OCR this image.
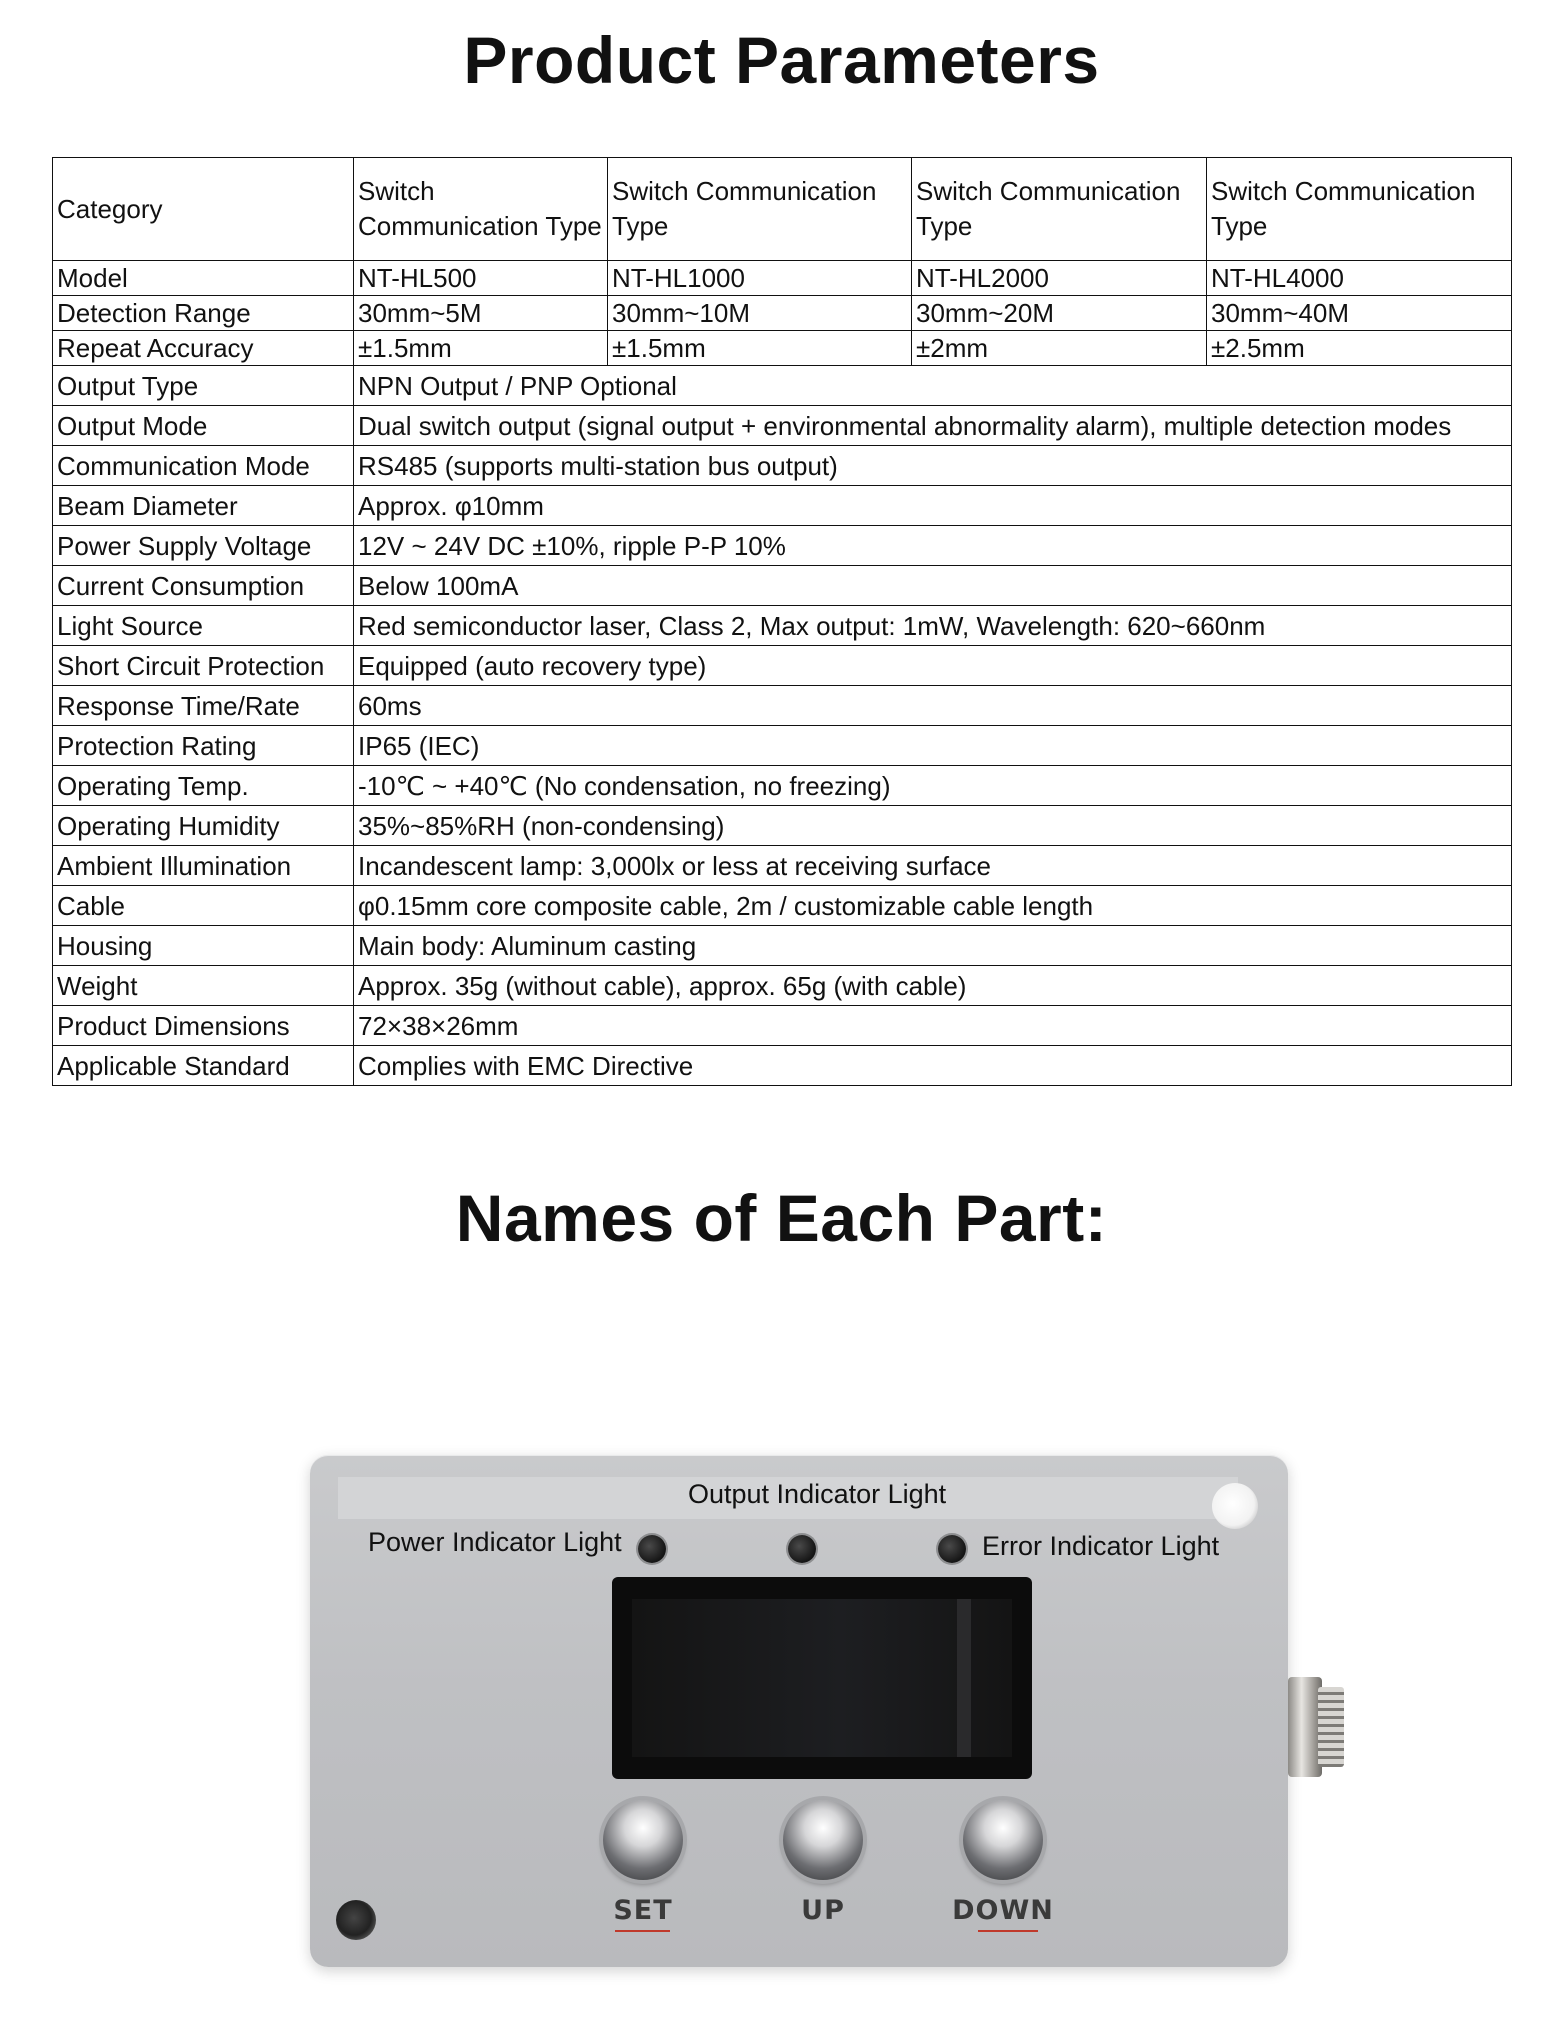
Product Parameters
Category	Switch Communication Type	Switch Communication Type	Switch Communication Type	Switch Communication Type
Model	NT-HL500	NT-HL1000	NT-HL2000	NT-HL4000
Detection Range	30mm~5M	30mm~10M	30mm~20M	30mm~40M
Repeat Accuracy	±1.5mm	±1.5mm	±2mm	±2.5mm
Output Type	NPN Output / PNP Optional			
Output Mode	Dual switch output (signal output + environmental abnormality alarm), multiple detection modes			
Communication Mode	RS485 (supports multi-station bus output)			
Beam Diameter	Approx. φ10mm			
Power Supply Voltage	12V ~ 24V DC ±10%, ripple P-P 10%			
Current Consumption	Below 100mA			
Light Source	Red semiconductor laser, Class 2, Max output: 1mW, Wavelength: 620~660nm			
Short Circuit Protection	Equipped (auto recovery type)			
Response Time/Rate	60ms			
Protection Rating	IP65 (IEC)			
Operating Temp.	-10℃ ~ +40℃ (No condensation, no freezing)			
Operating Humidity	35%~85%RH (non-condensing)			
Ambient Illumination	Incandescent lamp: 3,000lx or less at receiving surface			
Cable	φ0.15mm core composite cable, 2m / customizable cable length			
Housing	Main body: Aluminum casting			
Weight	Approx. 35g (without cable), approx. 65g (with cable)			
Product Dimensions	72×38×26mm			
Applicable Standard	Complies with EMC Directive			
Names of Each Part:
Output Indicator Light
Power Indicator Light	Error Indicator Light
SET	UP	DOWN
